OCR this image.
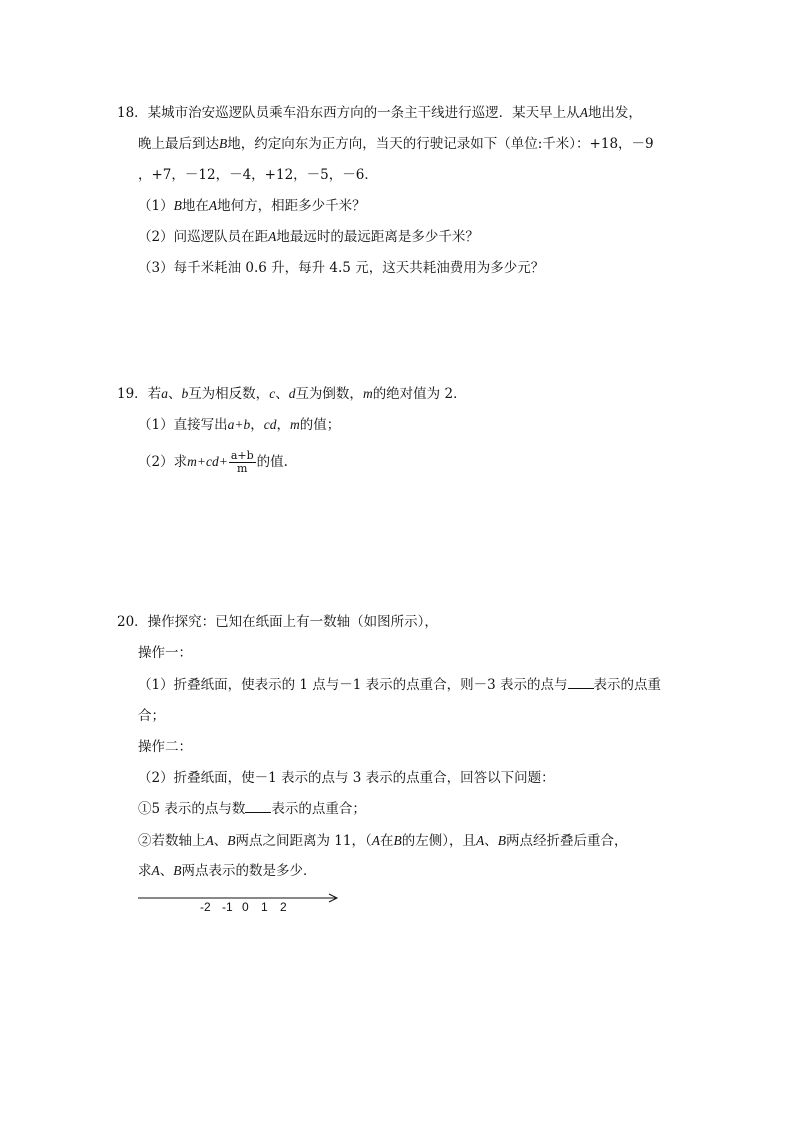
18．某城市治安巡逻队员乘车沿东西方向的一条主干线进行巡逻．某天早上从A地出发，
晚上最后到达B地，约定向东为正方向，当天的行驶记录如下（单位:千米）：+18，－9
，+7，－12，－4，+12，－5，－6．
（1）B地在A地何方，相距多少千米？
（2）问巡逻队员在距A地最远时的最远距离是多少千米？
（3）每千米耗油 0.6 升，每升 4.5 元，这天共耗油费用为多少元？
19．若a、b互为相反数，c、d互为倒数，m的绝对值为 2．
（1）直接写出a+b，cd，m的值；
（2）求$m+cd+ \frac{a+b}{m}$ 的值.
20．操作探究：已知在纸面上有一数轴（如图所示），
操作一：
（1）折叠纸面，使表示的 1 点与－1 表示的点重合，则－3 表示的点与 表示的点重
合；
操作二：
（2）折叠纸面，使－1 表示的点与 3 表示的点重合，回答以下问题：
①5 表示的点与数 表示的点重合；
②若数轴上A、B两点之间距离为 11，（A在B的左侧），且A、B两点经折叠后重合，
求A、B两点表示的数是多少．
-2 -1 0 1 2
